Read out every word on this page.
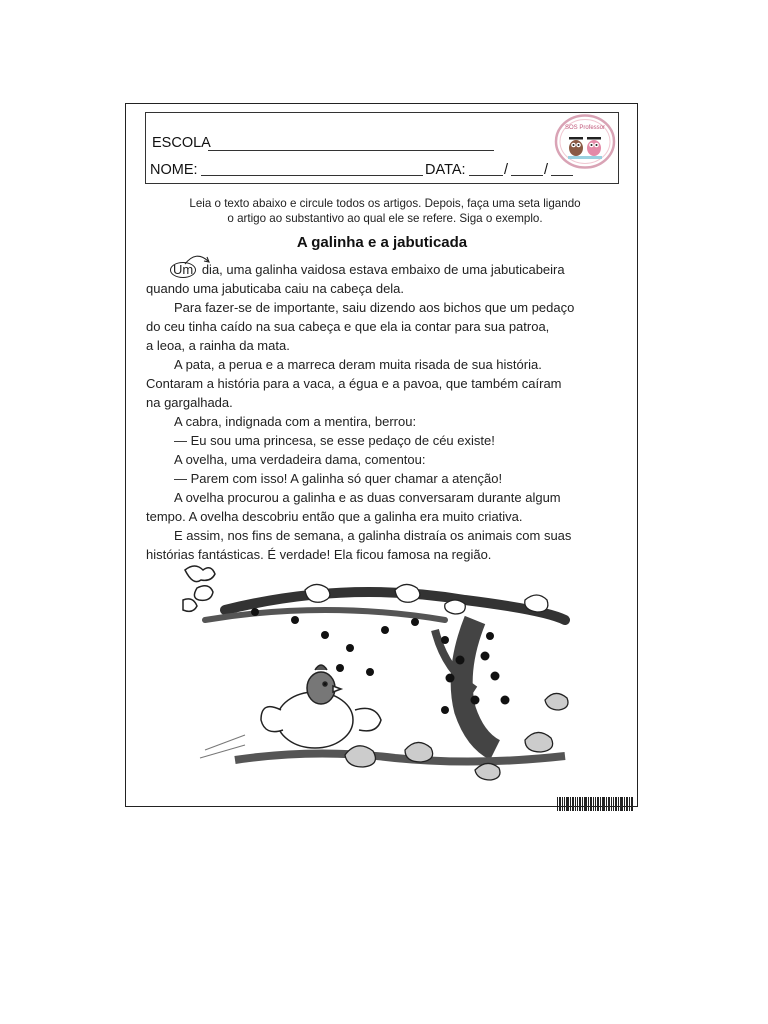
ESCOLA
NOME:	DATA:	/ /
SOS Professor
Leia o texto abaixo e circule todos os artigos. Depois, faça uma seta ligando
o artigo ao substantivo ao qual ele se refere. Siga o exemplo.
A galinha e a jabuticada
Um dia, uma galinha vaidosa estava embaixo de uma jabuticabeira
quando uma jabuticaba caiu na cabeça dela.
Para fazer-se de importante, saiu dizendo aos bichos que um pedaço
do ceu tinha caído na sua cabeça e que ela ia contar para sua patroa,
a leoa, a rainha da mata.
A pata, a perua e a marreca deram muita risada de sua história.
Contaram a história para a vaca, a égua e a pavoa, que também caíram
na gargalhada.
A cabra, indignada com a mentira, berrou:
— Eu sou uma princesa, se esse pedaço de céu existe!
A ovelha, uma verdadeira dama, comentou:
— Parem com isso! A galinha só quer chamar a atenção!
A ovelha procurou a galinha e as duas conversaram durante algum
tempo. A ovelha descobriu então que a galinha era muito criativa.
E assim, nos fins de semana, a galinha distraía os animais com suas
histórias fantásticas. É verdade! Ela ficou famosa na região.
